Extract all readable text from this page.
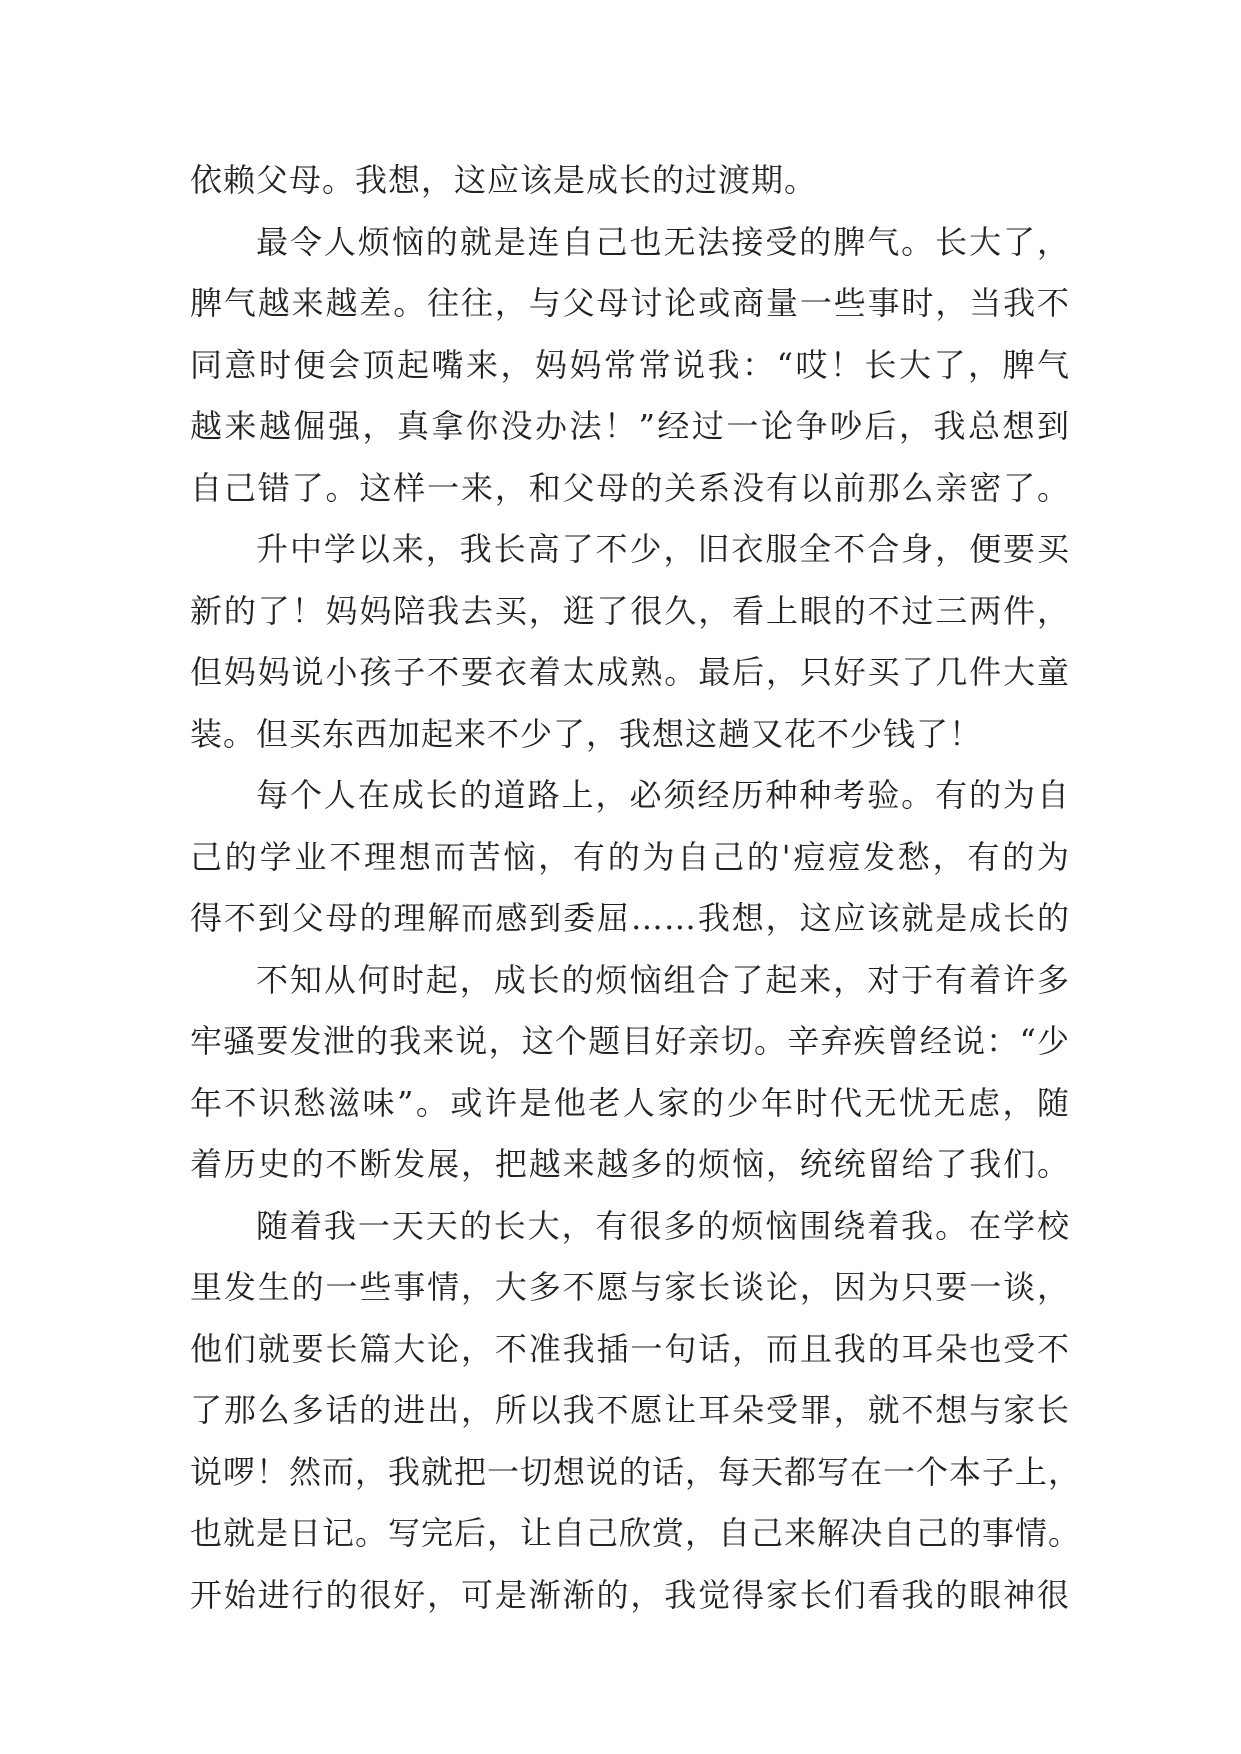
依赖父母。我想，这应该是成长的过渡期。
最令人烦恼的就是连自己也无法接受的脾气。长大了，
脾气越来越差。往往，与父母讨论或商量一些事时，当我不
同意时便会顶起嘴来，妈妈常常说我：“哎！长大了，脾气
越来越倔强，真拿你没办法！”经过一论争吵后，我总想到
自己错了。这样一来，和父母的关系没有以前那么亲密了。
升中学以来，我长高了不少，旧衣服全不合身，便要买
新的了！妈妈陪我去买，逛了很久，看上眼的不过三两件，
但妈妈说小孩子不要衣着太成熟。最后，只好买了几件大童
装。但买东西加起来不少了，我想这趟又花不少钱了！
每个人在成长的道路上，必须经历种种考验。有的为自
己的学业不理想而苦恼，有的为自己的'痘痘发愁，有的为
得不到父母的理解而感到委屈……我想，这应该就是成长的
不知从何时起，成长的烦恼组合了起来，对于有着许多
牢骚要发泄的我来说，这个题目好亲切。辛弃疾曾经说：“少
年不识愁滋味”。或许是他老人家的少年时代无忧无虑，随
着历史的不断发展，把越来越多的烦恼，统统留给了我们。
随着我一天天的长大，有很多的烦恼围绕着我。在学校
里发生的一些事情，大多不愿与家长谈论，因为只要一谈，
他们就要长篇大论，不准我插一句话，而且我的耳朵也受不
了那么多话的进出，所以我不愿让耳朵受罪，就不想与家长
说啰！然而，我就把一切想说的话，每天都写在一个本子上，
也就是日记。写完后，让自己欣赏，自己来解决自己的事情。
开始进行的很好，可是渐渐的，我觉得家长们看我的眼神很
